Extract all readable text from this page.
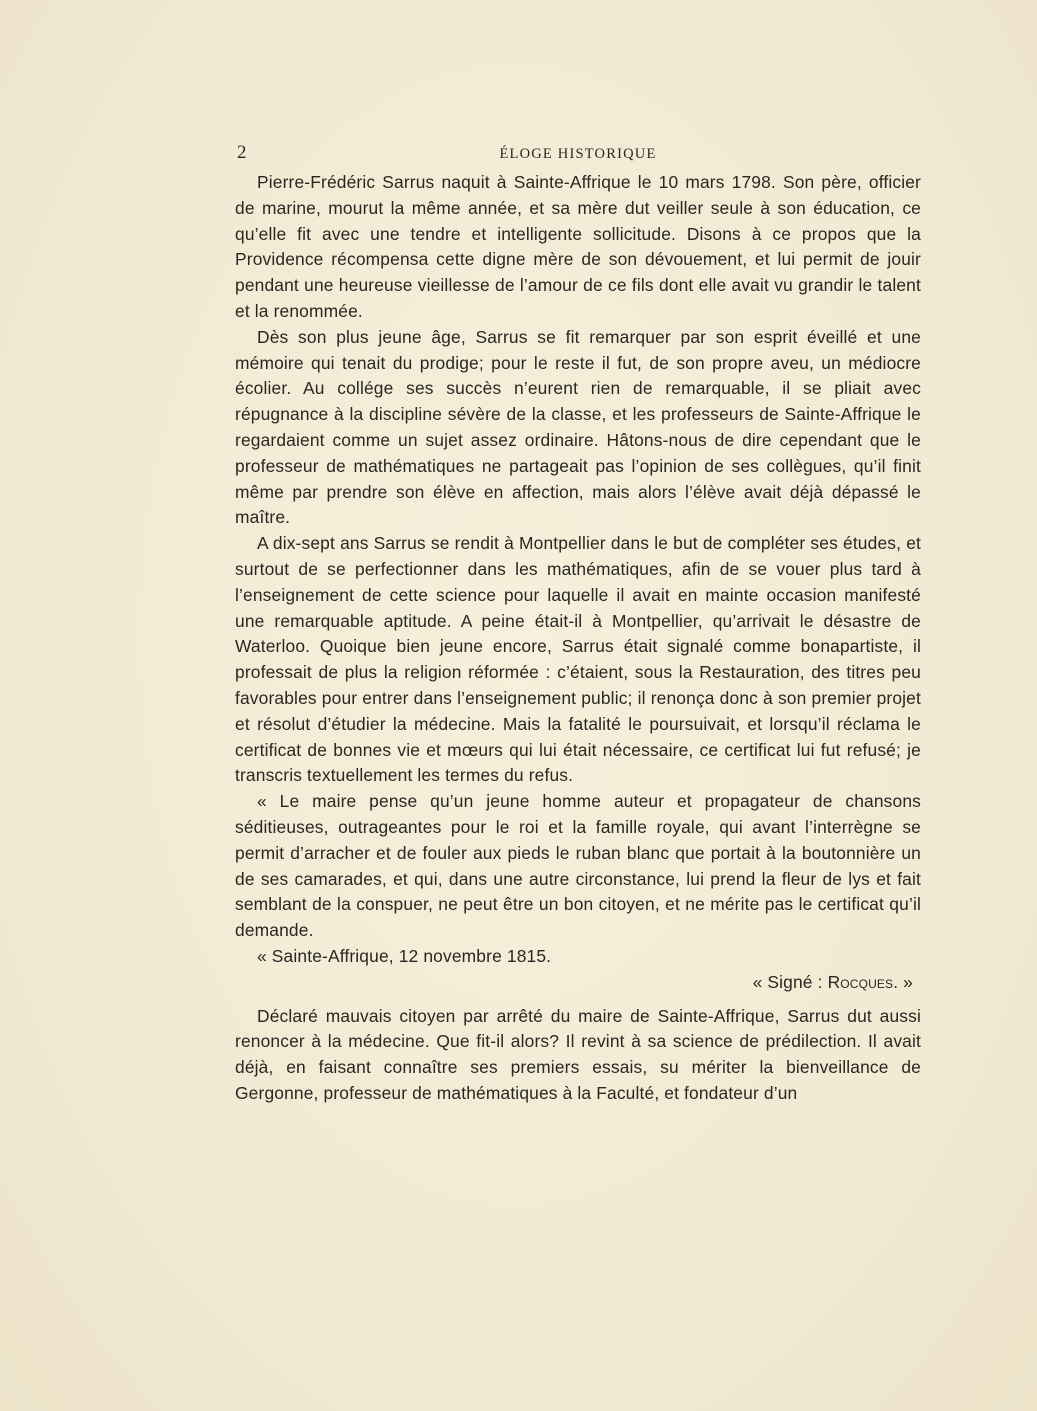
2	ÉLOGE HISTORIQUE

Pierre-Frédéric Sarrus naquit à Sainte-Affrique le 10 mars 1798. Son père, officier de marine, mourut la même année, et sa mère dut veiller seule à son éducation, ce qu’elle fit avec une tendre et intelligente sollicitude. Disons à ce propos que la Providence récompensa cette digne mère de son dévouement, et lui permit de jouir pendant une heureuse vieillesse de l’amour de ce fils dont elle avait vu grandir le talent et la renommée.

Dès son plus jeune âge, Sarrus se fit remarquer par son esprit éveillé et une mémoire qui tenait du prodige; pour le reste il fut, de son propre aveu, un médiocre écolier. Au collége ses succès n’eurent rien de remarquable, il se pliait avec répugnance à la discipline sévère de la classe, et les professeurs de Sainte-Affrique le regardaient comme un sujet assez ordinaire. Hâtons-nous de dire cependant que le professeur de mathématiques ne partageait pas l’opinion de ses collègues, qu’il finit même par prendre son élève en affection, mais alors l’élève avait déjà dépassé le maître.

A dix-sept ans Sarrus se rendit à Montpellier dans le but de compléter ses études, et surtout de se perfectionner dans les mathématiques, afin de se vouer plus tard à l’enseignement de cette science pour laquelle il avait en mainte occasion manifesté une remarquable aptitude. A peine était-il à Montpellier, qu’arrivait le désastre de Waterloo. Quoique bien jeune encore, Sarrus était signalé comme bonapartiste, il professait de plus la religion réformée : c’étaient, sous la Restauration, des titres peu favorables pour entrer dans l’enseignement public; il renonça donc à son premier projet et résolut d’étudier la médecine. Mais la fatalité le poursuivait, et lorsqu’il réclama le certificat de bonnes vie et mœurs qui lui était nécessaire, ce certificat lui fut refusé; je transcris textuellement les termes du refus.

« Le maire pense qu’un jeune homme auteur et propagateur de chansons séditieuses, outrageantes pour le roi et la famille royale, qui avant l’interrègne se permit d’arracher et de fouler aux pieds le ruban blanc que portait à la boutonnière un de ses camarades, et qui, dans une autre circonstance, lui prend la fleur de lys et fait semblant de la conspuer, ne peut être un bon citoyen, et ne mérite pas le certificat qu’il demande.

« Sainte-Affrique, 12 novembre 1815.

« Signé : Rocques. »

Déclaré mauvais citoyen par arrêté du maire de Sainte-Affrique, Sarrus dut aussi renoncer à la médecine. Que fit-il alors? Il revint à sa science de prédilection. Il avait déjà, en faisant connaître ses premiers essais, su mériter la bienveillance de Gergonne, professeur de mathématiques à la Faculté, et fondateur d’un
